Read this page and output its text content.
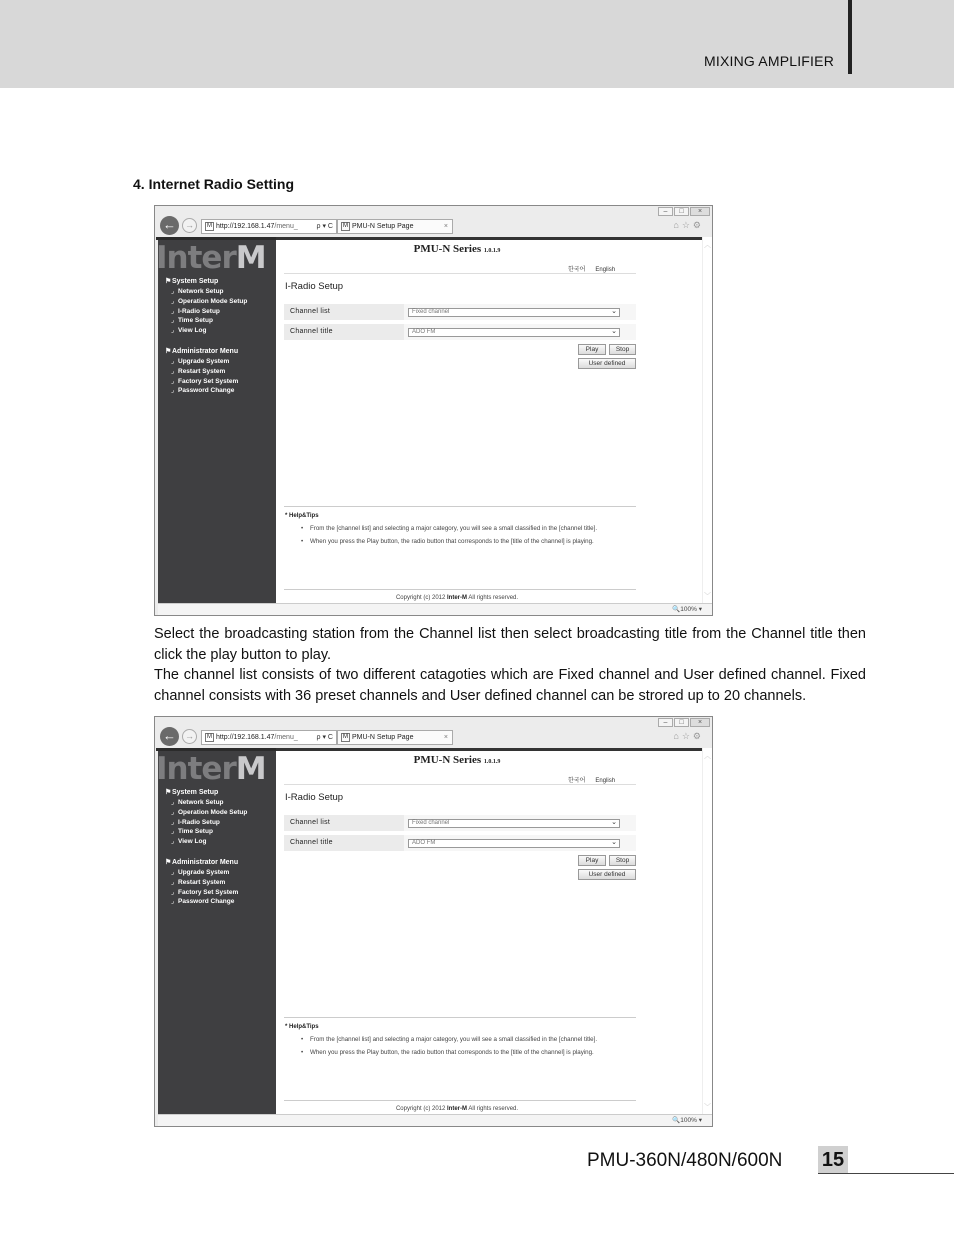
MIXING AMPLIFIER
4. Internet Radio Setting
–	□	×
←	→	M http://192.168.1.47/menu_	ρ ▾ C	M PMU-N Setup Page	×	⌂☆⚙
InterM
⚑System Setup
⌟ Network Setup
⌟ Operation Mode Setup
⌟ I-Radio Setup
⌟ Time Setup
⌟ View Log
⚑Administrator Menu
⌟ Upgrade System
⌟ Restart System
⌟ Factory Set System
⌟ Password Change
PMU-N Series 1.0.1.9
한국어 English
I-Radio Setup
Channel list	Fixed channel	⌄
Channel title	ADO FM	⌄
Play	Stop
User defined
* Help&Tips
• From the [channel list] and selecting a major category, you will see a small classified in the [channel title].
• When you press the Play button, the radio button that corresponds to the [title of the channel] is playing.
Copyright (c) 2012 Inter-M All rights reserved.
︿
﹀
🔍100% ▾

Select the broadcasting station from the Channel list then select broadcasting title from the Channel title then click the play button to play.

The channel list consists of two different catagoties which are Fixed channel and User defined channel. Fixed channel consists with 36 preset channels and User defined channel can be strored up to 20 channels.

–	□	×
←	→	M http://192.168.1.47/menu_	ρ ▾ C	M PMU-N Setup Page	×	⌂☆⚙
InterM
⚑System Setup
⌟ Network Setup
⌟ Operation Mode Setup
⌟ I-Radio Setup
⌟ Time Setup
⌟ View Log
⚑Administrator Menu
⌟ Upgrade System
⌟ Restart System
⌟ Factory Set System
⌟ Password Change
PMU-N Series 1.0.1.9
한국어 English
I-Radio Setup
Channel list	Fixed channel	⌄
Channel title	ADO FM	⌄
Play	Stop
User defined
* Help&Tips
• From the [channel list] and selecting a major category, you will see a small classified in the [channel title].
• When you press the Play button, the radio button that corresponds to the [title of the channel] is playing.
Copyright (c) 2012 Inter-M All rights reserved.
︿
﹀
🔍100% ▾
PMU-360N/480N/600N 15
